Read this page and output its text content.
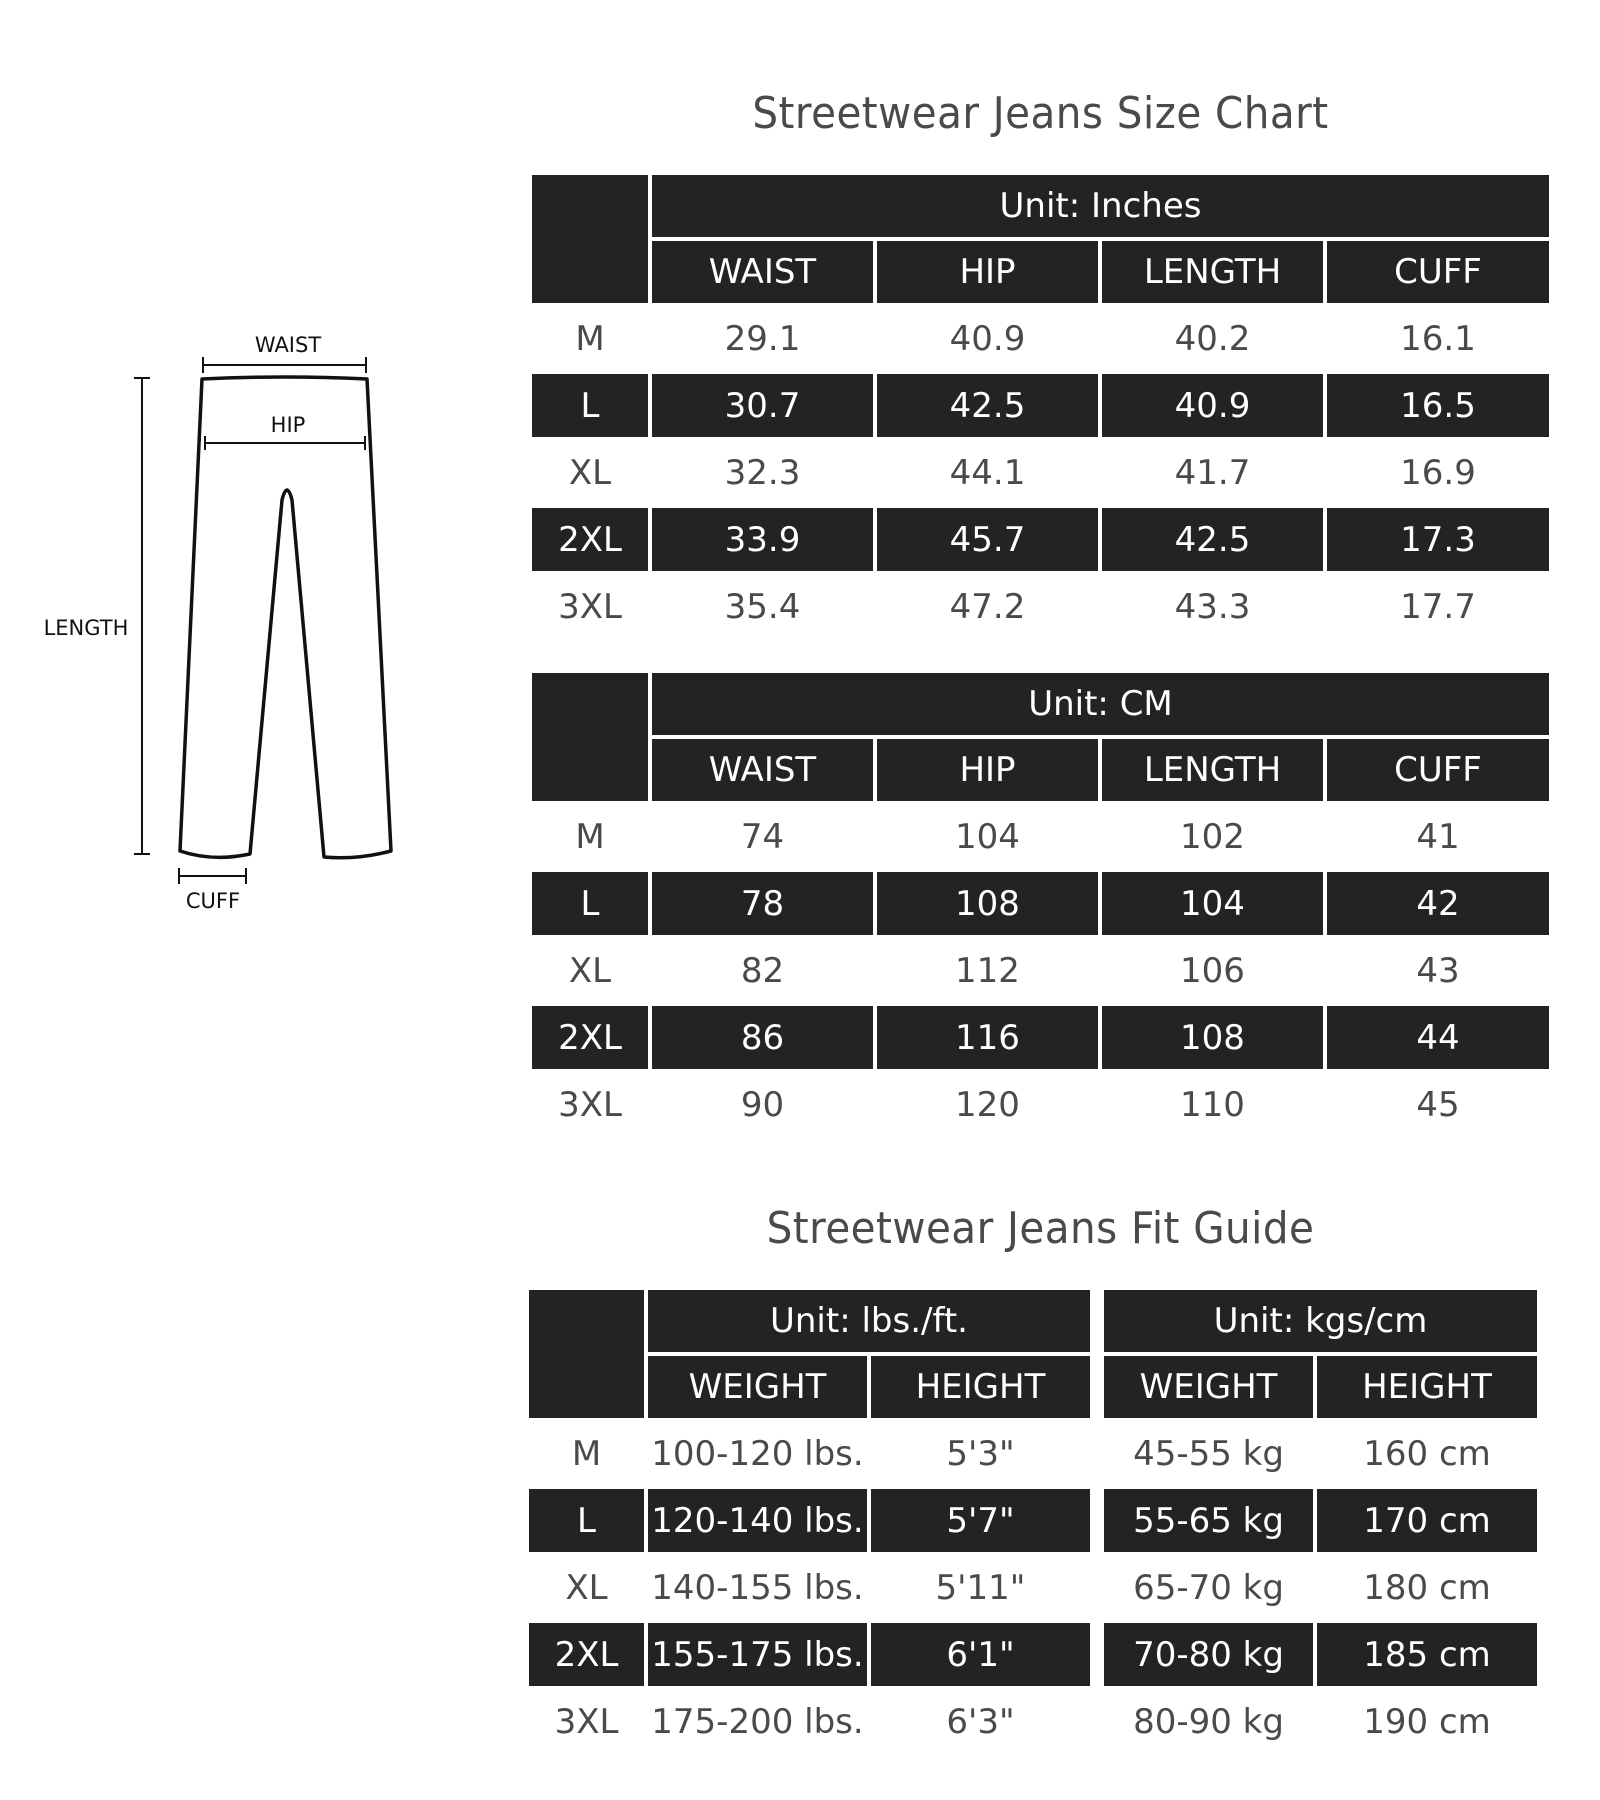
WAIST
HIP
LENGTH
CUFF
Streetwear Jeans Size Chart
Unit: Inches
WAIST	HIP	LENGTH	CUFF
M	29.1	40.9	40.2	16.1
L	30.7	42.5	40.9	16.5
XL	32.3	44.1	41.7	16.9
2XL	33.9	45.7	42.5	17.3
3XL	35.4	47.2	43.3	17.7
Unit: CM
WAIST	HIP	LENGTH	CUFF
M	74	104	102	41
L	78	108	104	42
XL	82	112	106	43
2XL	86	116	108	44
3XL	90	120	110	45
Streetwear Jeans Fit Guide
Unit: lbs./ft.	Unit: kgs/cm
WEIGHT	HEIGHT	WEIGHT	HEIGHT
M	100-120 lbs.	5'3"	45-55 kg	160 cm
L	120-140 lbs.	5'7"	55-65 kg	170 cm
XL	140-155 lbs.	5'11"	65-70 kg	180 cm
2XL 155-175 lbs.	6'1"	70-80 kg	185 cm
3XL 175-200 lbs.	6'3"	80-90 kg	190 cm
